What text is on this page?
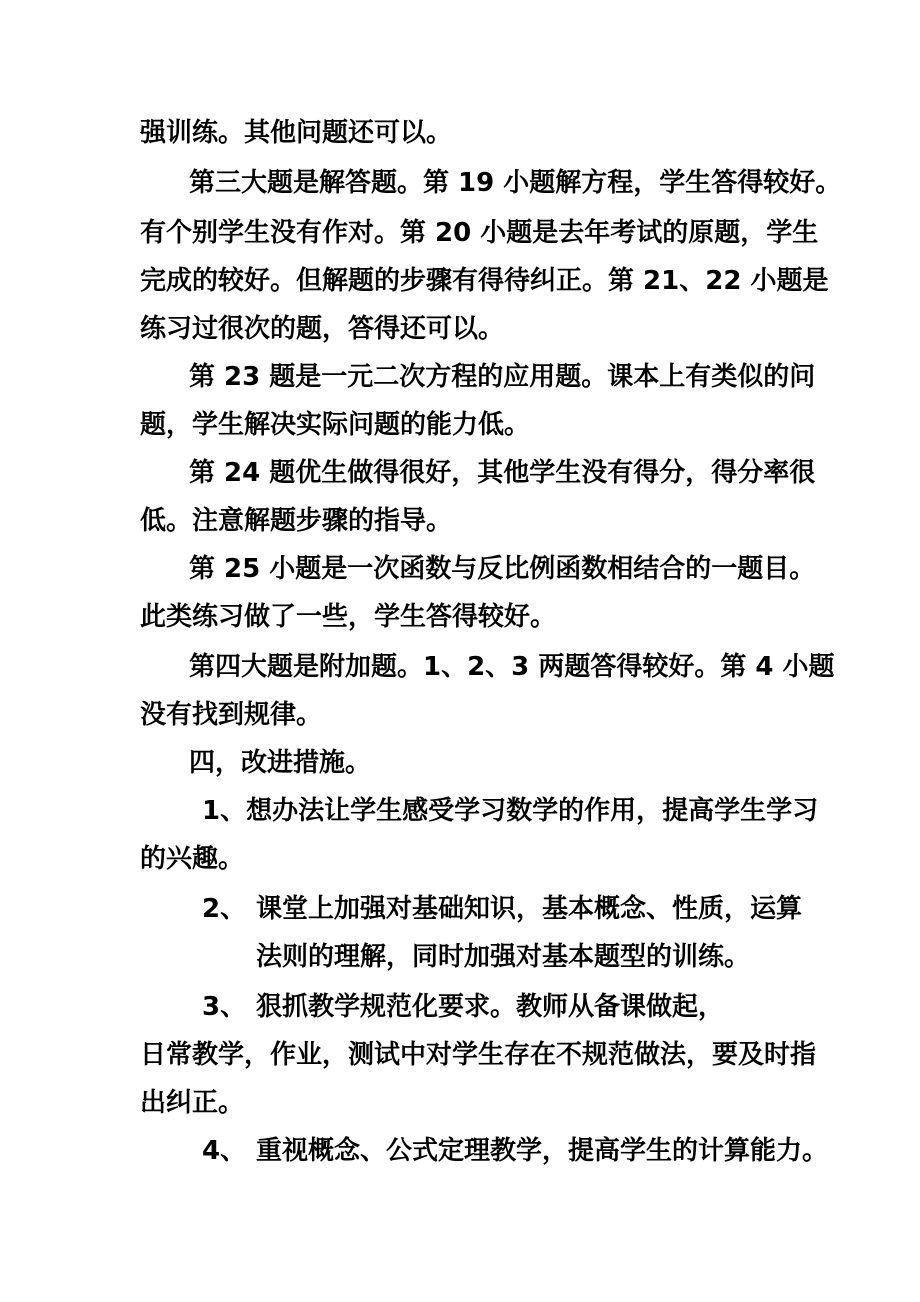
强训练。其他问题还可以。
第三大题是解答题。第 19 小题解方程，学生答得较好。
有个别学生没有作对。第 20 小题是去年考试的原题，学生
完成的较好。但解题的步骤有得待纠正。第 21、22 小题是
练习过很次的题，答得还可以。
第 23 题是一元二次方程的应用题。课本上有类似的问
题，学生解决实际问题的能力低。
第 24 题优生做得很好，其他学生没有得分，得分率很
低。注意解题步骤的指导。
第 25 小题是一次函数与反比例函数相结合的一题目。
此类练习做了一些，学生答得较好。
第四大题是附加题。1、2、3 两题答得较好。第 4 小题
没有找到规律。
四，改进措施。
1、想办法让学生感受学习数学的作用，提高学生学习
的兴趣。
2、 课堂上加强对基础知识，基本概念、性质，运算
法则的理解，同时加强对基本题型的训练。
3、 狠抓教学规范化要求。教师从备课做起，
日常教学，作业，测试中对学生存在不规范做法，要及时指
出纠正。
4、 重视概念、公式定理教学，提高学生的计算能力。
